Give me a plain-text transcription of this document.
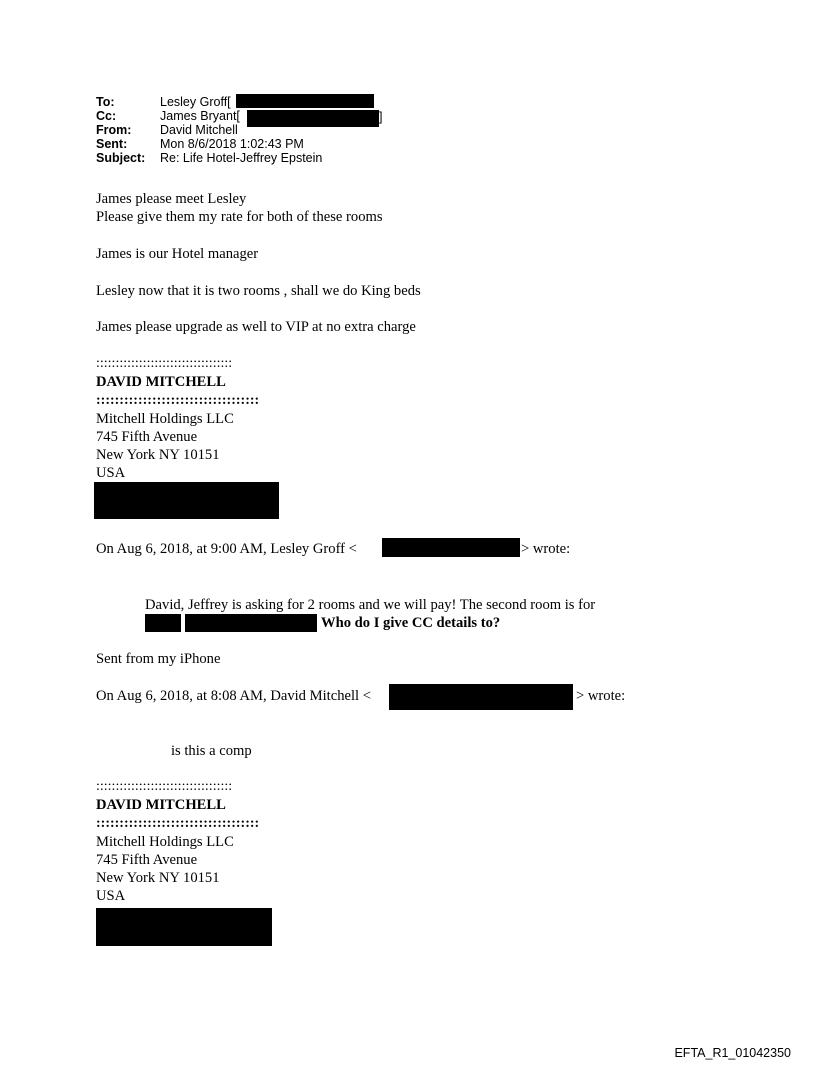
To:	Lesley Groff[
Cc:	James Bryant[	]
From: David Mitchell
Sent:	Mon 8/6/2018 1:02:43 PM
Subject: Re: Life Hotel-Jeffrey Epstein
James please meet Lesley
Please give them my rate for both of these rooms
James is our Hotel manager
Lesley now that it is two rooms , shall we do King beds
James please upgrade as well to VIP at no extra charge
:::::::::::::::::::::::::::::::::::
DAVID MITCHELL
:::::::::::::::::::::::::::::::::::
Mitchell Holdings LLC
745 Fifth Avenue
New York NY 10151
USA
On Aug 6, 2018, at 9:00 AM, Lesley Groff <	> wrote:
David, Jeffrey is asking for 2 rooms and we will pay! The second room is for
Who do I give CC details to?
Sent from my iPhone
On Aug 6, 2018, at 8:08 AM, David Mitchell <	> wrote:
is this a comp
:::::::::::::::::::::::::::::::::::
DAVID MITCHELL
:::::::::::::::::::::::::::::::::::
Mitchell Holdings LLC
745 Fifth Avenue
New York NY 10151
USA
EFTA_R1_01042350
